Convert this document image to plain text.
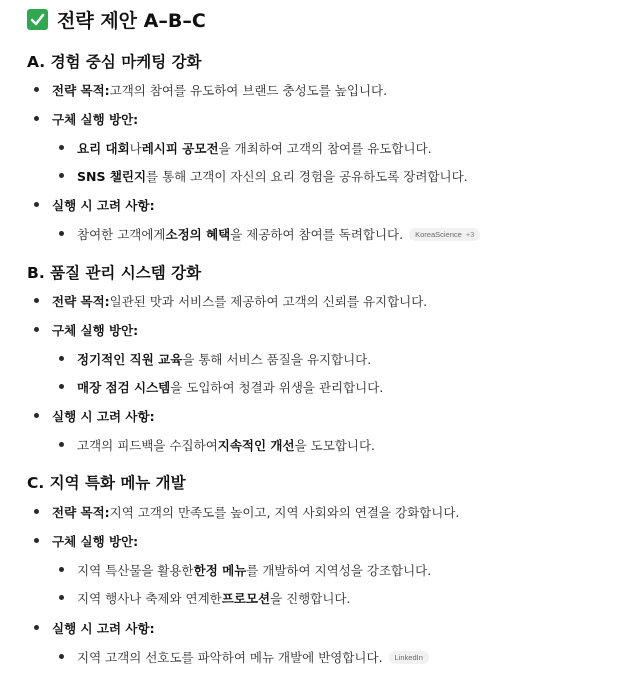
전략 제안 A–B–C
A. 경험 중심 마케팅 강화
전략 목적: 고객의 참여를 유도하여 브랜드 충성도를 높입니다.
구체 실행 방안:
요리 대회 나 레시피 공모전 을 개최하여 고객의 참여를 유도합니다.
SNS 챌린지 를 통해 고객이 자신의 요리 경험을 공유하도록 장려합니다.
실행 시 고려 사항:
참여한 고객에게 소정의 혜택 을 제공하여 참여를 독려합니다. KoreaScience +3
B. 품질 관리 시스템 강화
전략 목적: 일관된 맛과 서비스를 제공하여 고객의 신뢰를 유지합니다.
구체 실행 방안:
정기적인 직원 교육 을 통해 서비스 품질을 유지합니다.
매장 점검 시스템 을 도입하여 청결과 위생을 관리합니다.
실행 시 고려 사항:
고객의 피드백을 수집하여 지속적인 개선 을 도모합니다.
C. 지역 특화 메뉴 개발
전략 목적: 지역 고객의 만족도를 높이고, 지역 사회와의 연결을 강화합니다.
구체 실행 방안:
지역 특산물을 활용한 한정 메뉴 를 개발하여 지역성을 강조합니다.
지역 행사나 축제와 연계한 프로모션 을 진행합니다.
실행 시 고려 사항:
지역 고객의 선호도를 파악하여 메뉴 개발에 반영합니다. LinkedIn
